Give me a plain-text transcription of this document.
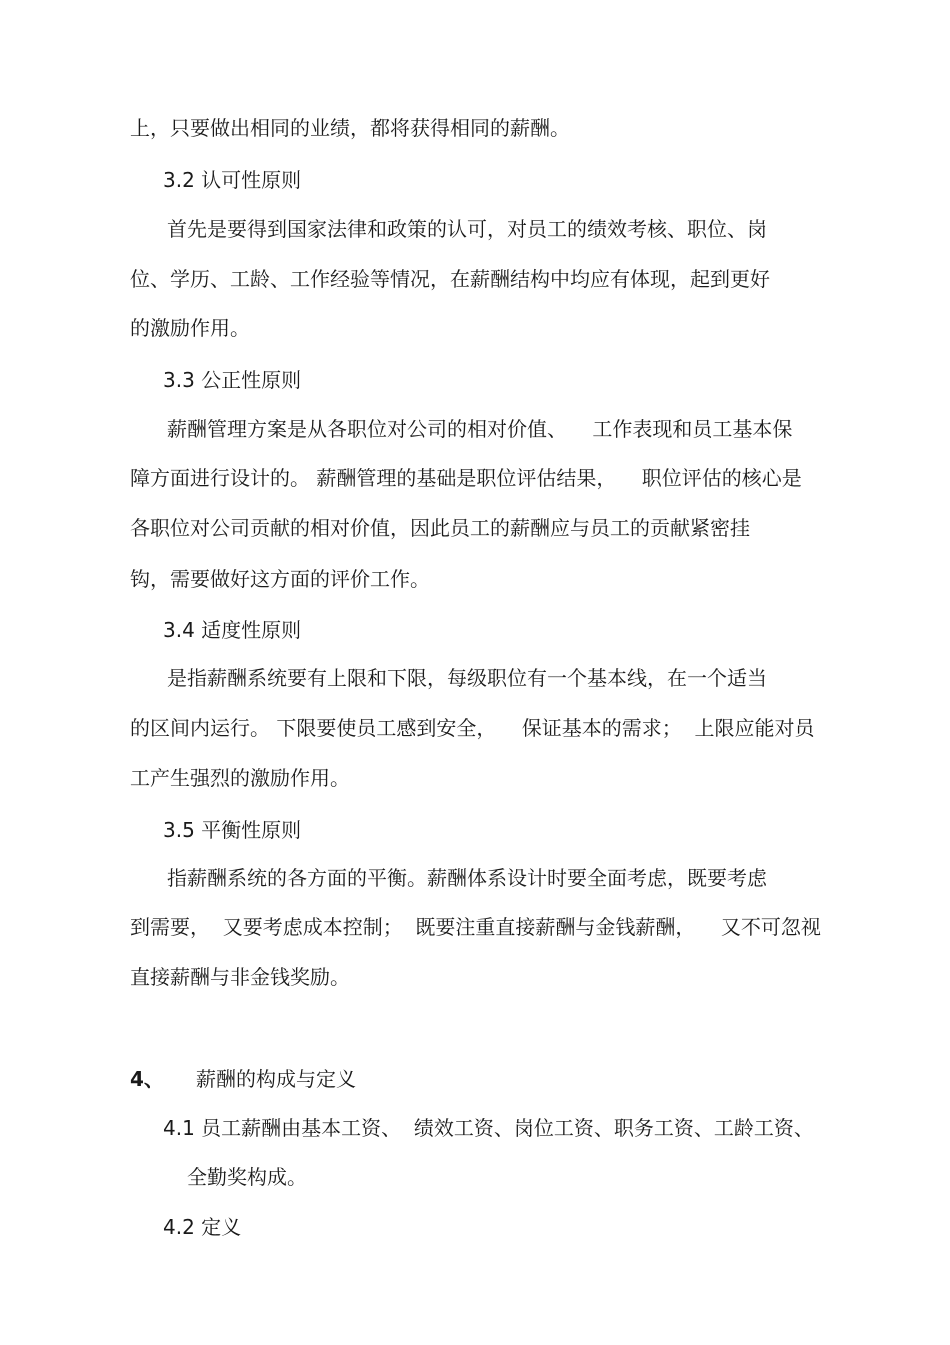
上，只要做出相同的业绩，都将获得相同的薪酬。
3.2 认可性原则
首先是要得到国家法律和政策的认可，对员工的绩效考核、职位、岗
位、学历、工龄、工作经验等情况，在薪酬结构中均应有体现，起到更好
的激励作用。
3.3 公正性原则
薪酬管理方案是从各职位对公司的相对价值、    工作表现和员工基本保
障方面进行设计的。 薪酬管理的基础是职位评估结果，    职位评估的核心是
各职位对公司贡献的相对价值，因此员工的薪酬应与员工的贡献紧密挂
钩，需要做好这方面的评价工作。
3.4 适度性原则
是指薪酬系统要有上限和下限，每级职位有一个基本线，在一个适当
的区间内运行。 下限要使员工感到安全，    保证基本的需求；  上限应能对员
工产生强烈的激励作用。
3.5 平衡性原则
指薪酬系统的各方面的平衡。薪酬体系设计时要全面考虑，既要考虑
到需要，  又要考虑成本控制；  既要注重直接薪酬与金钱薪酬，    又不可忽视
直接薪酬与非金钱奖励。
4、 薪酬的构成与定义
4.1 员工薪酬由基本工资、  绩效工资、岗位工资、职务工资、工龄工资、
全勤奖构成。
4.2 定义
